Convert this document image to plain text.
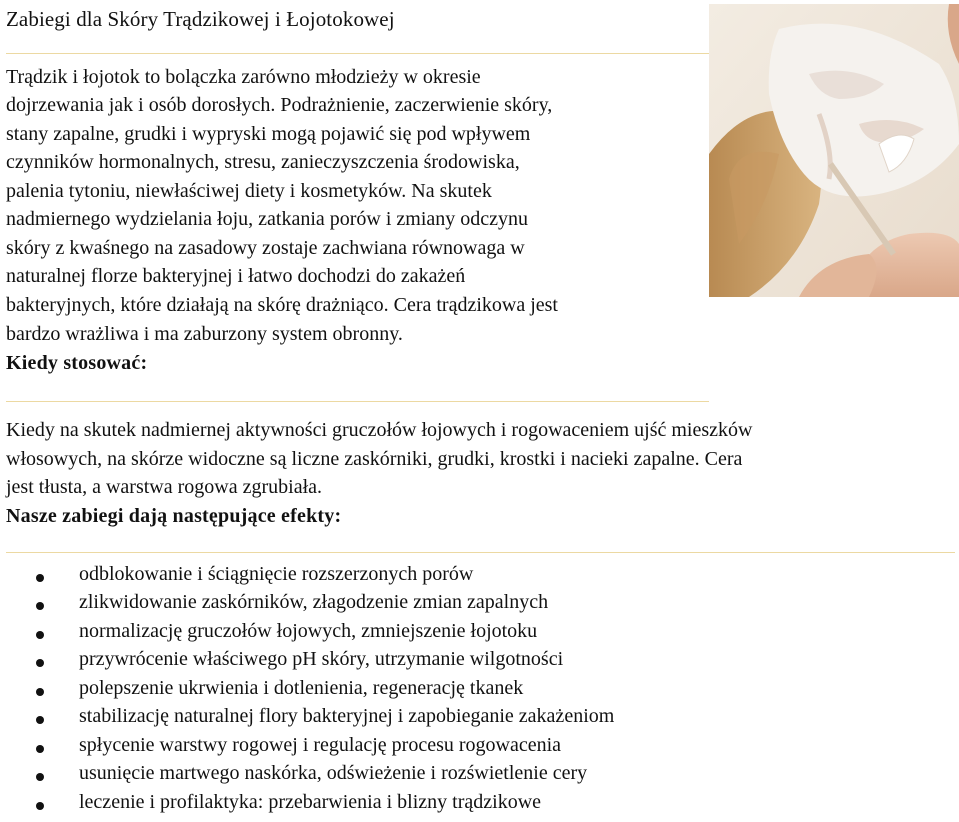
Zabiegi dla Skóry Trądzikowej i Łojotokowej
Trądzik i łojotok to bolączka zarówno młodzieży w okresie
dojrzewania jak i osób dorosłych. Podrażnienie, zaczerwienie skóry,
stany zapalne, grudki i wypryski mogą pojawić się pod wpływem
czynników hormonalnych, stresu, zanieczyszczenia środowiska,
palenia tytoniu, niewłaściwej diety i kosmetyków. Na skutek
nadmiernego wydzielania łoju, zatkania porów i zmiany odczynu
skóry z kwaśnego na zasadowy zostaje zachwiana równowaga w
naturalnej florze bakteryjnej i łatwo dochodzi do zakażeń
bakteryjnych, które działają na skórę drażniąco. Cera trądzikowa jest
bardzo wrażliwa i ma zaburzony system obronny.
Kiedy stosować:
Kiedy na skutek nadmiernej aktywności gruczołów łojowych i rogowaceniem ujść mieszków
włosowych, na skórze widoczne są liczne zaskórniki, grudki, krostki i nacieki zapalne. Cera
jest tłusta, a warstwa rogowa zgrubiała.
Nasze zabiegi dają następujące efekty:
odblokowanie i ściągnięcie rozszerzonych porów
zlikwidowanie zaskórników, złagodzenie zmian zapalnych
normalizację gruczołów łojowych, zmniejszenie łojotoku
przywrócenie właściwego pH skóry, utrzymanie wilgotności
polepszenie ukrwienia i dotlenienia, regenerację tkanek
stabilizację naturalnej flory bakteryjnej i zapobieganie zakażeniom
spłycenie warstwy rogowej i regulację procesu rogowacenia
usunięcie martwego naskórka, odświeżenie i rozświetlenie cery
leczenie i profilaktyka: przebarwienia i blizny trądzikowe
